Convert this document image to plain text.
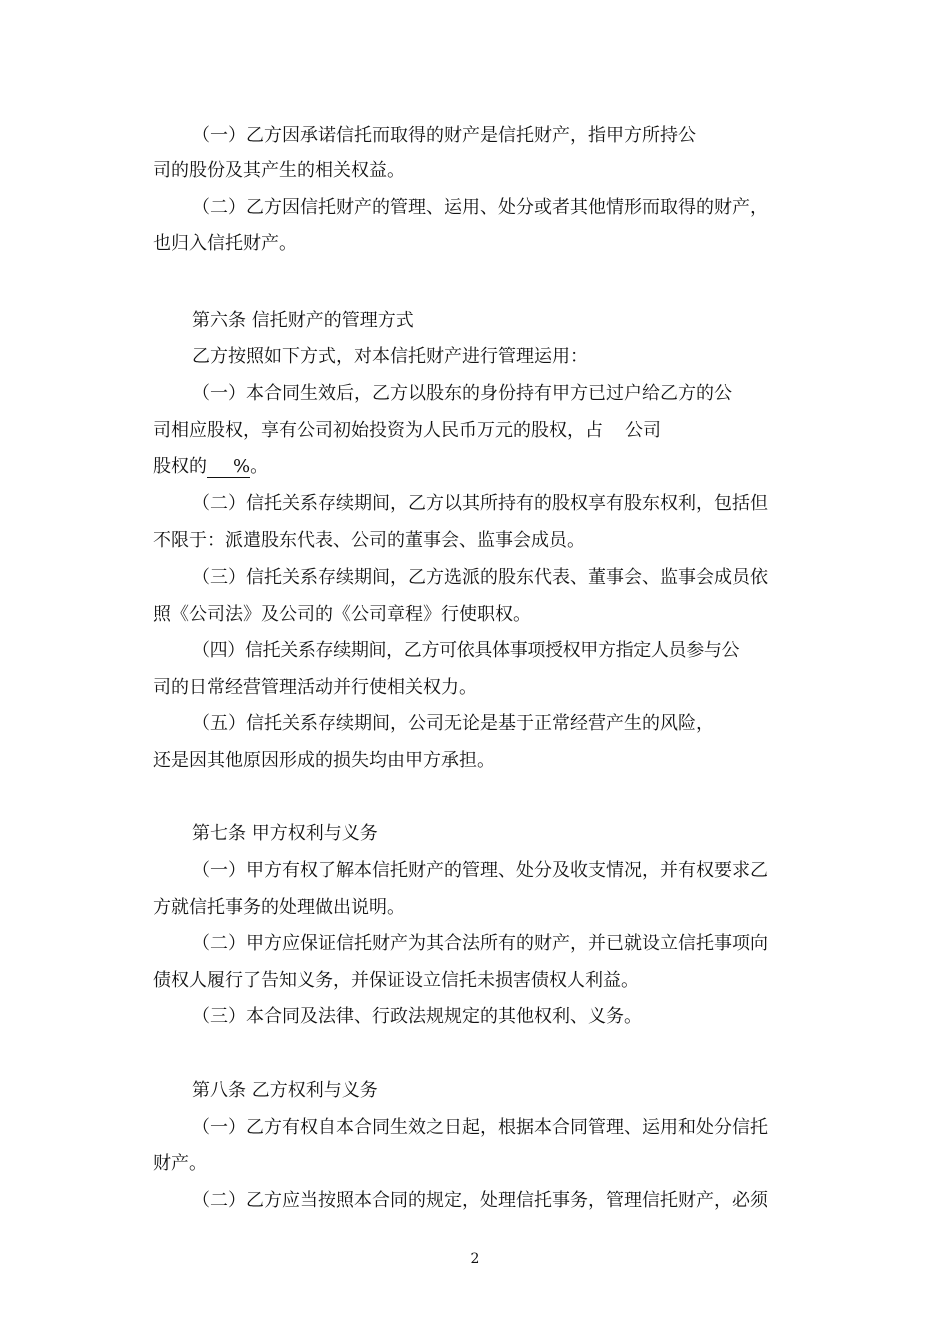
（一）乙方因承诺信托而取得的财产是信托财产，指甲方所持公
司的股份及其产生的相关权益。
（二）乙方因信托财产的管理、运用、处分或者其他情形而取得的财产，
也归入信托财产。
第六条 信托财产的管理方式
乙方按照如下方式，对本信托财产进行管理运用：
（一）本合同生效后，乙方以股东的身份持有甲方已过户给乙方的公
司相应股权，享有公司初始投资为人民币万元的股权，占 公司
股权的 %。
（二）信托关系存续期间，乙方以其所持有的股权享有股东权利，包括但
不限于：派遣股东代表、公司的董事会、监事会成员。
（三）信托关系存续期间，乙方选派的股东代表、董事会、监事会成员依
照《公司法》及公司的《公司章程》行使职权。
（四）信托关系存续期间，乙方可依具体事项授权甲方指定人员参与公
司的日常经营管理活动并行使相关权力。
（五）信托关系存续期间，公司无论是基于正常经营产生的风险，
还是因其他原因形成的损失均由甲方承担。
第七条 甲方权利与义务
（一）甲方有权了解本信托财产的管理、处分及收支情况，并有权要求乙
方就信托事务的处理做出说明。
（二）甲方应保证信托财产为其合法所有的财产，并已就设立信托事项向
债权人履行了告知义务，并保证设立信托未损害债权人利益。
（三）本合同及法律、行政法规规定的其他权利、义务。
第八条 乙方权利与义务
（一）乙方有权自本合同生效之日起，根据本合同管理、运用和处分信托
财产。
（二）乙方应当按照本合同的规定，处理信托事务，管理信托财产，必须
2
